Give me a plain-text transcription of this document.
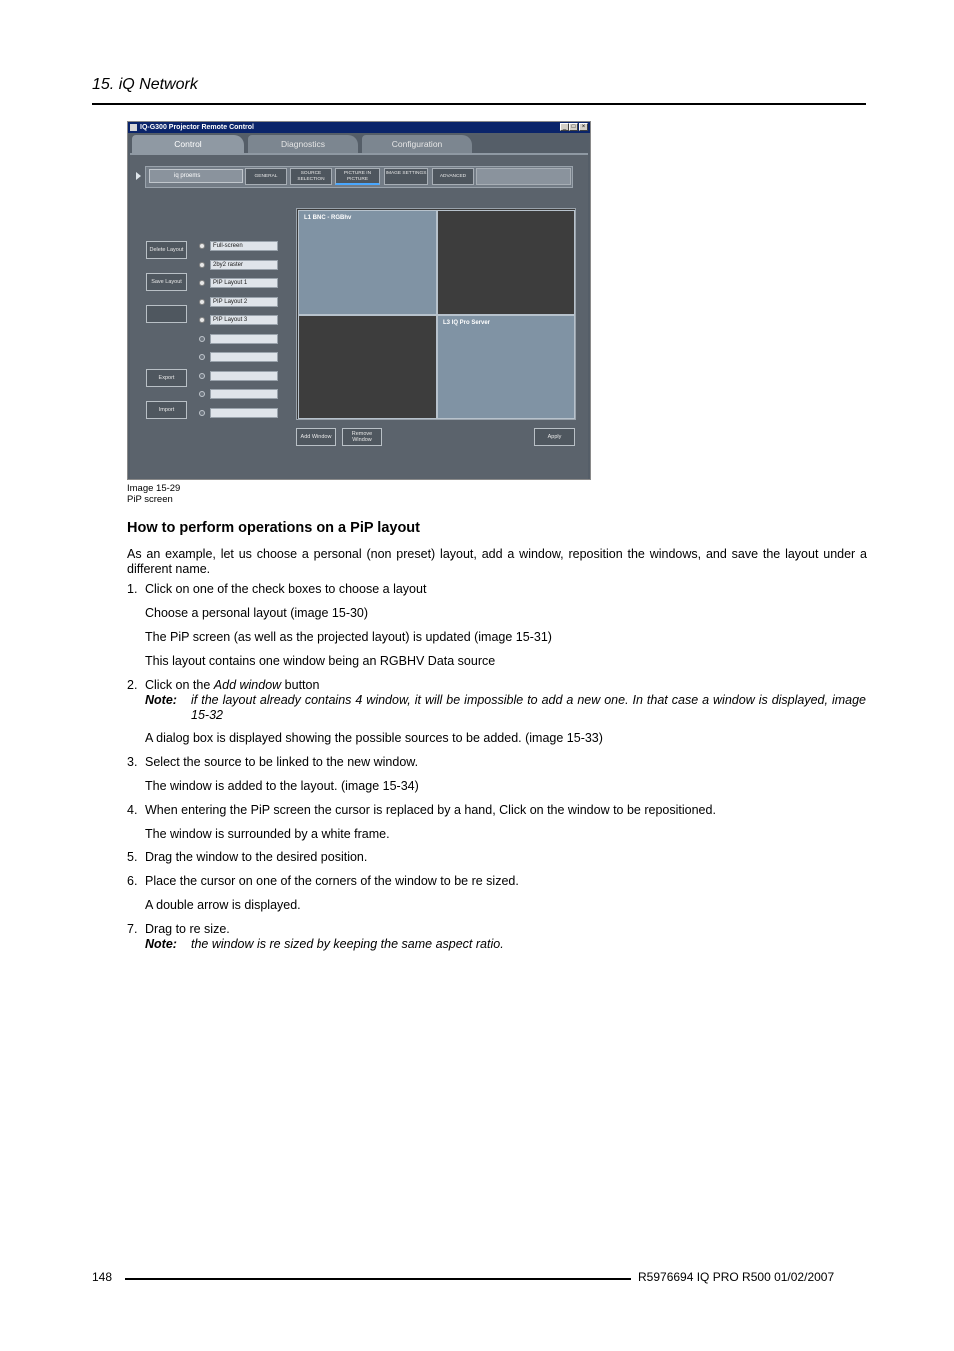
15. iQ Network
IQ-G300 Projector Remote Control	_ □	×
Control	Diagnostics	Configuration
iq proems	GENERAL
SOURCE SELECTION
PICTURE IN PICTURE
IMAGE SETTINGS
ADVANCED
Delete Layout
Save Layout
Export
Import
Full-screen
2by2 raster
PIP Layout 1
PIP Layout 2
PIP Layout 3
L1 BNC - RGBhv
L3 IQ Pro Server
Add Window	Remove Window	Apply
Image 15-29
PiP screen
How to perform operations on a PiP layout
As an example, let us choose a personal (non preset) layout, add a window, reposition the windows, and save the layout under a different name.
1. Click on one of the check boxes to choose a layout
Choose a personal layout (image 15-30)
The PiP screen (as well as the projected layout) is updated (image 15-31)
This layout contains one window being an RGBHV Data source
2. Click on the Add window button
Note: if the layout already contains 4 window, it will be impossible to add a new one. In that case a window is displayed, image 15-32
A dialog box is displayed showing the possible sources to be added. (image 15-33)
3. Select the source to be linked to the new window.
The window is added to the layout. (image 15-34)
4. When entering the PiP screen the cursor is replaced by a hand, Click on the window to be repositioned.
The window is surrounded by a white frame.
5. Drag the window to the desired position.
6. Place the cursor on one of the corners of the window to be re sized.
A double arrow is displayed.
7. Drag to re size.
Note: the window is re sized by keeping the same aspect ratio.
148	R5976694 IQ PRO R500 01/02/2007
